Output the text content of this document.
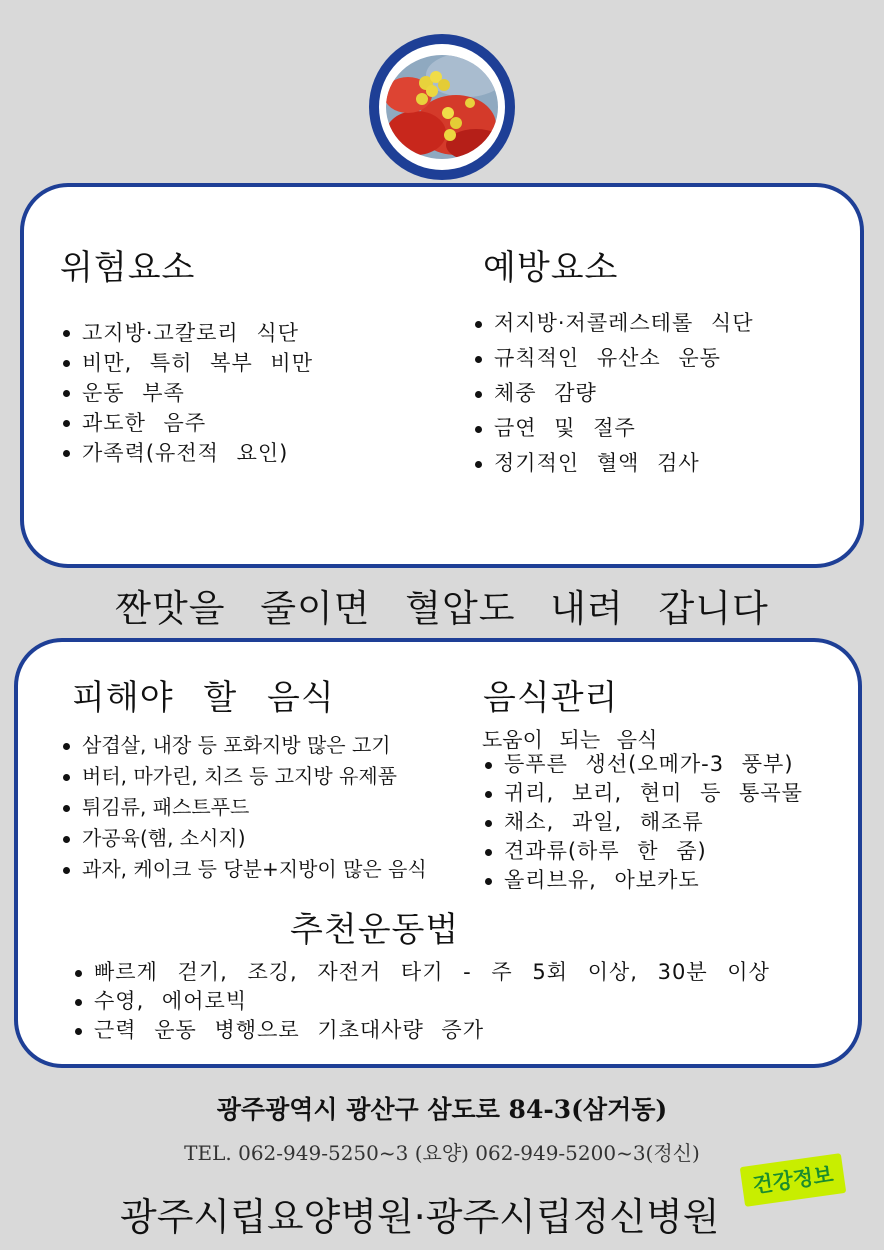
위험요소
고지방·고칼로리 식단
비만, 특히 복부 비만
운동 부족
과도한 음주
가족력(유전적 요인)
예방요소
저지방·저콜레스테롤 식단
규칙적인 유산소 운동
체중 감량
금연 및 절주
정기적인 혈액 검사
짠맛을 줄이면 혈압도 내려 갑니다
피해야 할 음식
삼겹살, 내장 등 포화지방 많은 고기
버터, 마가린, 치즈 등 고지방 유제품
튀김류, 패스트푸드
가공육(햄, 소시지)
과자, 케이크 등 당분+지방이 많은 음식
음식관리
도움이 되는 음식
등푸른 생선(오메가-3 풍부)
귀리, 보리, 현미 등 통곡물
채소, 과일, 해조류
견과류(하루 한 줌)
올리브유, 아보카도
추천운동법
빠르게 걷기, 조깅, 자전거 타기 - 주 5회 이상, 30분 이상
수영, 에어로빅
근력 운동 병행으로 기초대사량 증가
광주광역시 광산구 삼도로 84-3(삼거동)
TEL. 062-949-5250~3 (요양) 062-949-5200~3(정신)
광주시립요양병원·광주시립정신병원
건강정보
